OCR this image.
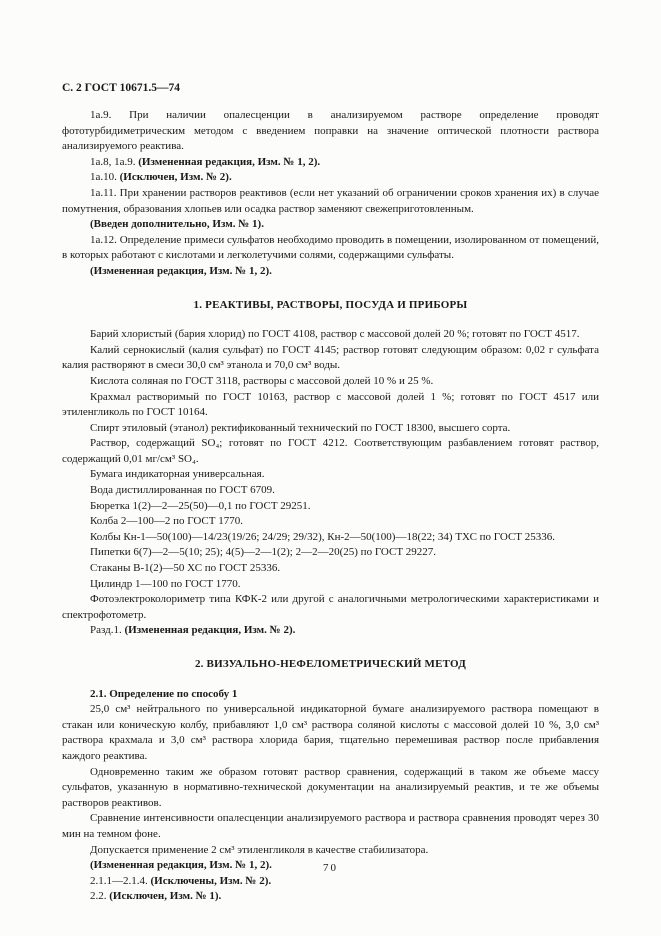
С. 2 ГОСТ 10671.5—74

1а.9. При наличии опалесценции в анализируемом растворе определение проводят фототурбидиметрическим методом с введением поправки на значение оптической плотности раствора анализируемого реактива.

1а.8, 1а.9. (Измененная редакция, Изм. № 1, 2).

1а.10. (Исключен, Изм. № 2).

1а.11. При хранении растворов реактивов (если нет указаний об ограничении сроков хранения их) в случае помутнения, образования хлопьев или осадка раствор заменяют свежеприготовленным.

(Введен дополнительно, Изм. № 1).

1а.12. Определение примеси сульфатов необходимо проводить в помещении, изолированном от помещений, в которых работают с кислотами и легколетучими солями, содержащими сульфаты.

(Измененная редакция, Изм. № 1, 2).

1. РЕАКТИВЫ, РАСТВОРЫ, ПОСУДА И ПРИБОРЫ

Барий хлористый (бария хлорид) по ГОСТ 4108, раствор с массовой долей 20 %; готовят по ГОСТ 4517.

Калий сернокислый (калия сульфат) по ГОСТ 4145; раствор готовят следующим образом: 0,02 г сульфата калия растворяют в смеси 30,0 см³ этанола и 70,0 см³ воды.

Кислота соляная по ГОСТ 3118, растворы с массовой долей 10 % и 25 %.

Крахмал растворимый по ГОСТ 10163, раствор с массовой долей 1 %; готовят по ГОСТ 4517 или этиленгликоль по ГОСТ 10164.

Спирт этиловый (этанол) ректификованный технический по ГОСТ 18300, высшего сорта.

Раствор, содержащий SO₄; готовят по ГОСТ 4212. Соответствующим разбавлением готовят раствор, содержащий 0,01 мг/см³ SO₄.

Бумага индикаторная универсальная.

Вода дистиллированная по ГОСТ 6709.

Бюретка 1(2)—2—25(50)—0,1 по ГОСТ 29251.

Колба 2—100—2 по ГОСТ 1770.

Колбы Кн-1—50(100)—14/23(19/26; 24/29; 29/32), Кн-2—50(100)—18(22; 34) ТХС по ГОСТ 25336.

Пипетки 6(7)—2—5(10; 25); 4(5)—2—1(2); 2—2—20(25) по ГОСТ 29227.

Стаканы В-1(2)—50 ХС по ГОСТ 25336.

Цилиндр 1—100 по ГОСТ 1770.

Фотоэлектроколориметр типа КФК-2 или другой с аналогичными метрологическими характеристиками и спектрофотометр.

Разд.1. (Измененная редакция, Изм. № 2).

2. ВИЗУАЛЬНО-НЕФЕЛОМЕТРИЧЕСКИЙ МЕТОД

2.1. Определение по способу 1

25,0 см³ нейтрального по универсальной индикаторной бумаге анализируемого раствора помещают в стакан или коническую колбу, прибавляют 1,0 см³ раствора соляной кислоты с массовой долей 10 %, 3,0 см³ раствора крахмала и 3,0 см³ раствора хлорида бария, тщательно перемешивая раствор после прибавления каждого реактива.

Одновременно таким же образом готовят раствор сравнения, содержащий в таком же объеме массу сульфатов, указанную в нормативно-технической документации на анализируемый реактив, и те же объемы растворов реактивов.

Сравнение интенсивности опалесценции анализируемого раствора и раствора сравнения проводят через 30 мин на темном фоне.

Допускается применение 2 см³ этиленгликоля в качестве стабилизатора.

(Измененная редакция, Изм. № 1, 2).

2.1.1—2.1.4. (Исключены, Изм. № 2).

2.2. (Исключен, Изм. № 1).

70
